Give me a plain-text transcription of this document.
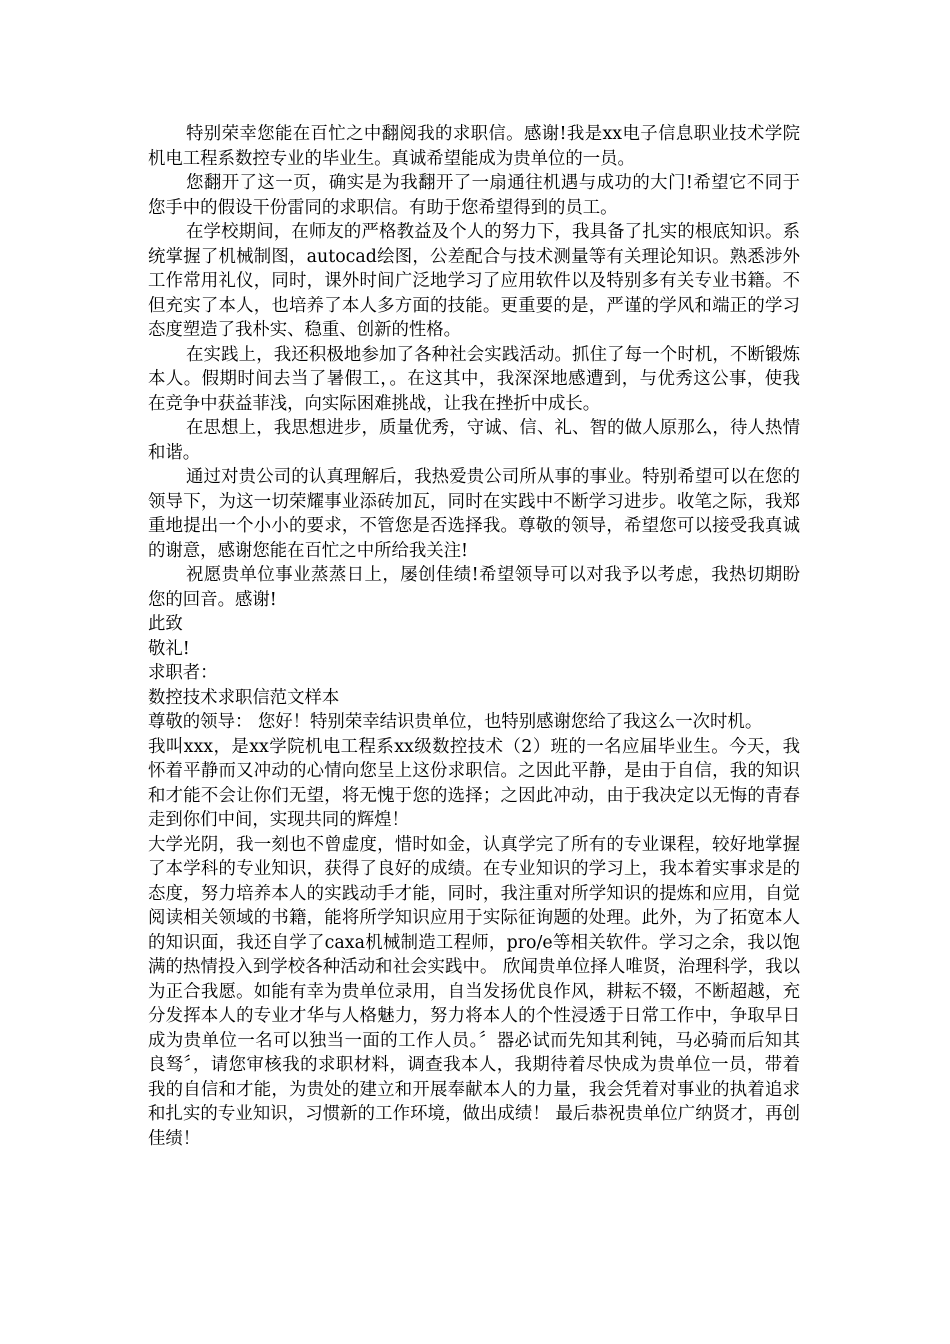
特别荣幸您能在百忙之中翻阅我的求职信。感谢!我是xx电子信息职业技术学院机电工程系数控专业的毕业生。真诚希望能成为贵单位的一员。

您翻开了这一页，确实是为我翻开了一扇通往机遇与成功的大门!希望它不同于您手中的假设干份雷同的求职信。有助于您希望得到的员工。

在学校期间，在师友的严格教益及个人的努力下，我具备了扎实的根底知识。系统掌握了机械制图，autocad绘图，公差配合与技术测量等有关理论知识。熟悉涉外工作常用礼仪，同时，课外时间广泛地学习了应用软件以及特别多有关专业书籍。不但充实了本人，也培养了本人多方面的技能。更重要的是，严谨的学风和端正的学习态度塑造了我朴实、稳重、创新的性格。

在实践上，我还积极地参加了各种社会实践活动。抓住了每一个时机，不断锻炼本人。假期时间去当了暑假工，。在这其中，我深深地感遭到，与优秀这公事，使我在竞争中获益菲浅，向实际困难挑战，让我在挫折中成长。

在思想上，我思想进步，质量优秀，守诚、信、礼、智的做人原那么，待人热情和谐。

通过对贵公司的认真理解后，我热爱贵公司所从事的事业。特别希望可以在您的领导下，为这一切荣耀事业添砖加瓦，同时在实践中不断学习进步。收笔之际，我郑重地提出一个小小的要求，不管您是否选择我。尊敬的领导，希望您可以接受我真诚的谢意，感谢您能在百忙之中所给我关注!

祝愿贵单位事业蒸蒸日上，屡创佳绩!希望领导可以对我予以考虑，我热切期盼您的回音。感谢!

此致

敬礼!

求职者：

数控技术求职信范文样本

尊敬的领导： 您好！特别荣幸结识贵单位，也特别感谢您给了我这么一次时机。

我叫xxx，是xx学院机电工程系xx级数控技术（2）班的一名应届毕业生。今天，我怀着平静而又冲动的心情向您呈上这份求职信。之因此平静，是由于自信，我的知识和才能不会让你们无望，将无愧于您的选择；之因此冲动，由于我决定以无悔的青春走到你们中间，实现共同的辉煌！

大学光阴，我一刻也不曾虚度，惜时如金，认真学完了所有的专业课程，较好地掌握了本学科的专业知识，获得了良好的成绩。在专业知识的学习上，我本着实事求是的态度，努力培养本人的实践动手才能，同时，我注重对所学知识的提炼和应用，自觉阅读相关领域的书籍，能将所学知识应用于实际征询题的处理。此外，为了拓宽本人的知识面，我还自学了caxa机械制造工程师，pro/e等相关软件。学习之余，我以饱满的热情投入到学校各种活动和社会实践中。 欣闻贵单位择人唯贤，治理科学，我以为正合我愿。如能有幸为贵单位录用，自当发扬优良作风，耕耘不辍，不断超越，充分发挥本人的专业才华与人格魅力，努力将本人的个性浸透于日常工作中，争取早日成为贵单位一名可以独当一面的工作人员。〞器必试而先知其利钝，马必骑而后知其良驽〞，请您审核我的求职材料，调查我本人，我期待着尽快成为贵单位一员，带着我的自信和才能，为贵处的建立和开展奉献本人的力量，我会凭着对事业的执着追求和扎实的专业知识，习惯新的工作环境，做出成绩！ 最后恭祝贵单位广纳贤才，再创佳绩！
